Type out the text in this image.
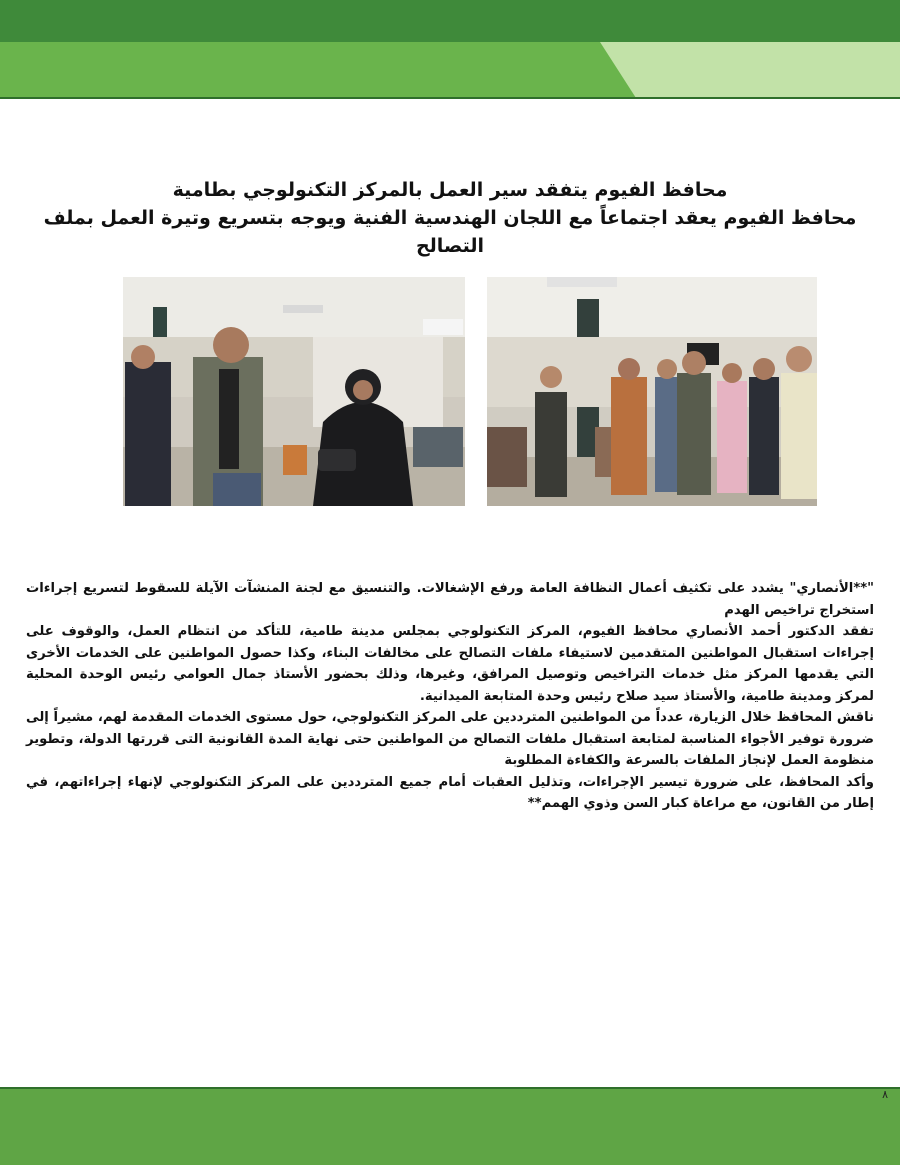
محافظ الفيوم يتفقد سير العمل بالمركز التكنولوجي بطامية
محافظ الفيوم يعقد اجتماعاً مع اللجان الهندسية الفنية ويوجه بتسريع وتيرة العمل بملف التصالح

"**الأنصاري" يشدد على تكثيف أعمال النظافة العامة ورفع الإشغالات. والتنسيق مع لجنة المنشآت الآيلة للسقوط لتسريع إجراءات استخراج تراخيص الهدم

تفقد الدكتور أحمد الأنصاري محافظ الفيوم، المركز التكنولوجي بمجلس مدينة طامية، للتأكد من انتظام العمل، والوقوف على إجراءات استقبال المواطنين المتقدمين لاستيفاء ملفات التصالح على مخالفات البناء، وكذا حصول المواطنين على الخدمات الأخرى التي يقدمها المركز مثل خدمات التراخيص وتوصيل المرافق، وغيرها، وذلك بحضور الأستاذ جمال العوامي رئيس الوحدة المحلية لمركز ومدينة طامية، والأستاذ سيد صلاح رئيس وحدة المتابعة الميدانية.

ناقش المحافظ خلال الزيارة، عدداً من المواطنين المترددين على المركز التكنولوجي، حول مستوى الخدمات المقدمة لهم، مشيراً إلى ضرورة توفير الأجواء المناسبة لمتابعة استقبال ملفات التصالح من المواطنين حتى نهاية المدة القانونية التى قررتها الدولة، وتطوير منظومة العمل لإنجاز الملفات بالسرعة والكفاءة المطلوبة

وأكد المحافظ، على ضرورة تيسير الإجراءات، وتذليل العقبات أمام جميع المترددين على المركز التكنولوجي لإنهاء إجراءاتهم، في إطار من القانون، مع مراعاة كبار السن وذوي الهمم**

٨
